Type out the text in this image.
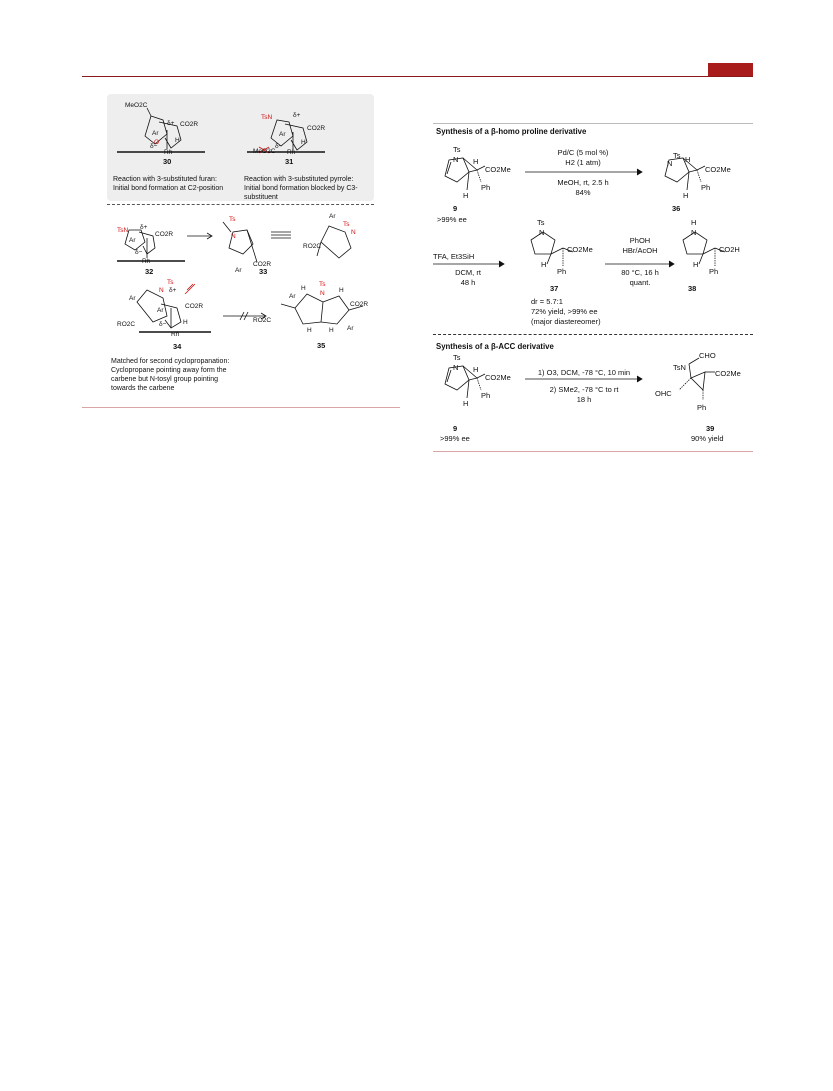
MeO2C
δ+ CO2R
Ar
O H
δ−
Rh
TsN	δ+
CO2R
Ar
H
MeO2C
δ−
Rh
TsN δ+
CO2R
Ar
δ−
Rh
Ts
N
CO2R
Ar
Ar
Ts
N
RO2C
Ts
N δ+
Ar
Ar
CO2R
RO2C	H
δ−
Rh
H
Ts
N H
Ar
CO2R
RO2C
H	H Ar
30	31
32	33
34	35
Reaction with 3-substituted furan:
Initial bond formation at C2-position
Reaction with 3-substituted pyrrole:
Initial bond formation blocked by C3-
substituent
Matched for second cyclopropanation:
Cyclopropane pointing away form the
carbene but N-tosyl group pointing
towards the carbene
Synthesis of a β-homo proline derivative
Ts
N H
CO2Me
Ph
H
Ts
N H
CO2Me
Ph
H
Ts
N
CO2Me
H
Ph
H
N
CO2H
H
Ph
Ts
N H
CO2Me
Ph
H
CHO
TsN
CO2Me
OHC
Ph
Pd/C (5 mol %)
H2 (1 atm)
MeOH, rt, 2.5 h
84%
9
>99% ee
36
TFA, Et3SiH
DCM, rt
48 h
PhOH
HBr/AcOH
80 °C, 16 h
quant.
37
dr = 5.7:1
72% yield, >99% ee
(major diastereomer)
38
Synthesis of a β-ACC derivative
1) O3, DCM, -78 °C, 10 min
2) SMe2, -78 °C to rt
18 h
9
>99% ee
39
90% yield
